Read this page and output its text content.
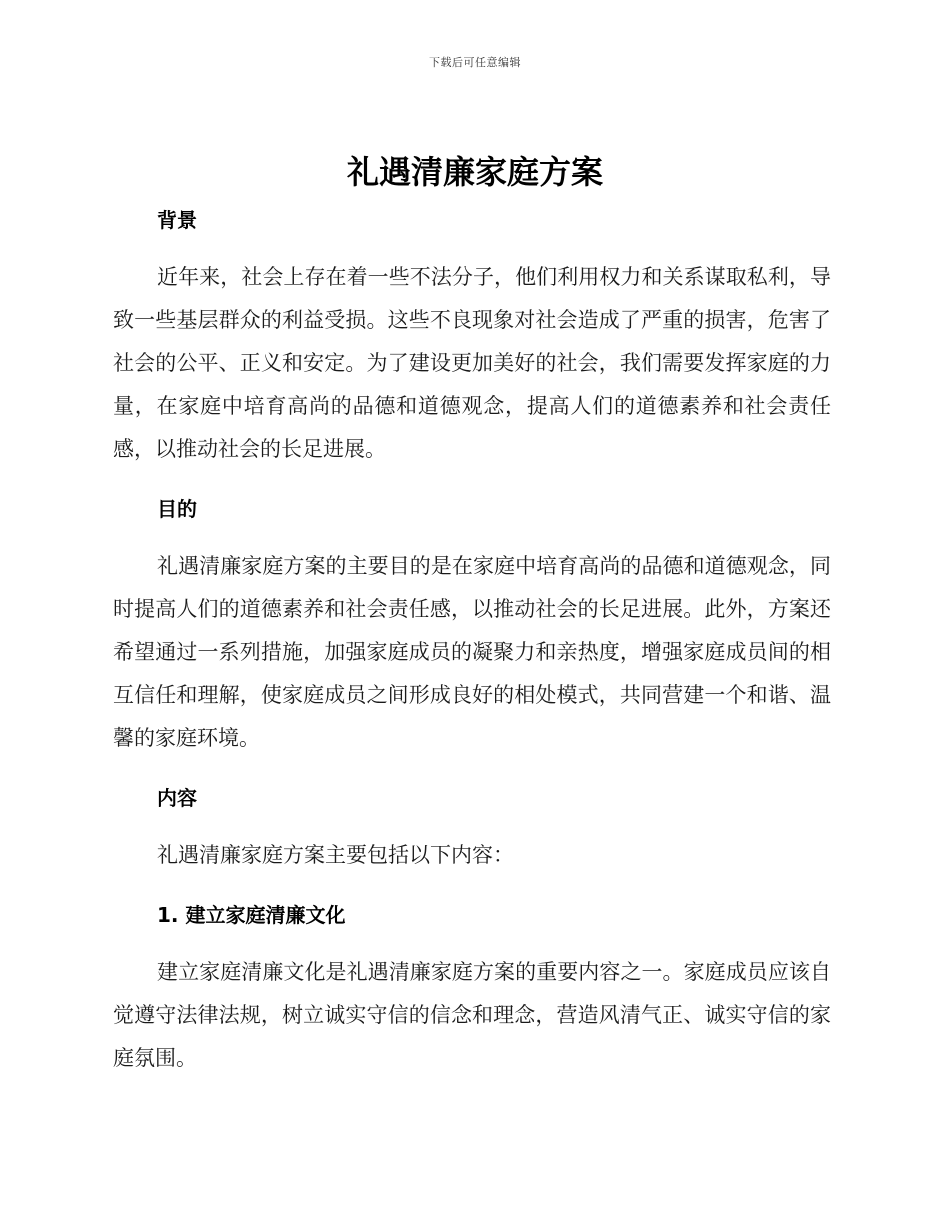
下载后可任意编辑
礼遇清廉家庭方案
背景

近年来，社会上存在着一些不法分子，他们利用权力和关系谋取私利，导致一些基层群众的利益受损。这些不良现象对社会造成了严重的损害，危害了社会的公平、正义和安定。为了建设更加美好的社会，我们需要发挥家庭的力量，在家庭中培育高尚的品德和道德观念，提高人们的道德素养和社会责任感，以推动社会的长足进展。

目的

礼遇清廉家庭方案的主要目的是在家庭中培育高尚的品德和道德观念，同时提高人们的道德素养和社会责任感，以推动社会的长足进展。此外，方案还希望通过一系列措施，加强家庭成员的凝聚力和亲热度，增强家庭成员间的相互信任和理解，使家庭成员之间形成良好的相处模式，共同营建一个和谐、温馨的家庭环境。

内容

礼遇清廉家庭方案主要包括以下内容：

1. 建立家庭清廉文化

建立家庭清廉文化是礼遇清廉家庭方案的重要内容之一。家庭成员应该自觉遵守法律法规，树立诚实守信的信念和理念，营造风清气正、诚实守信的家庭氛围。
